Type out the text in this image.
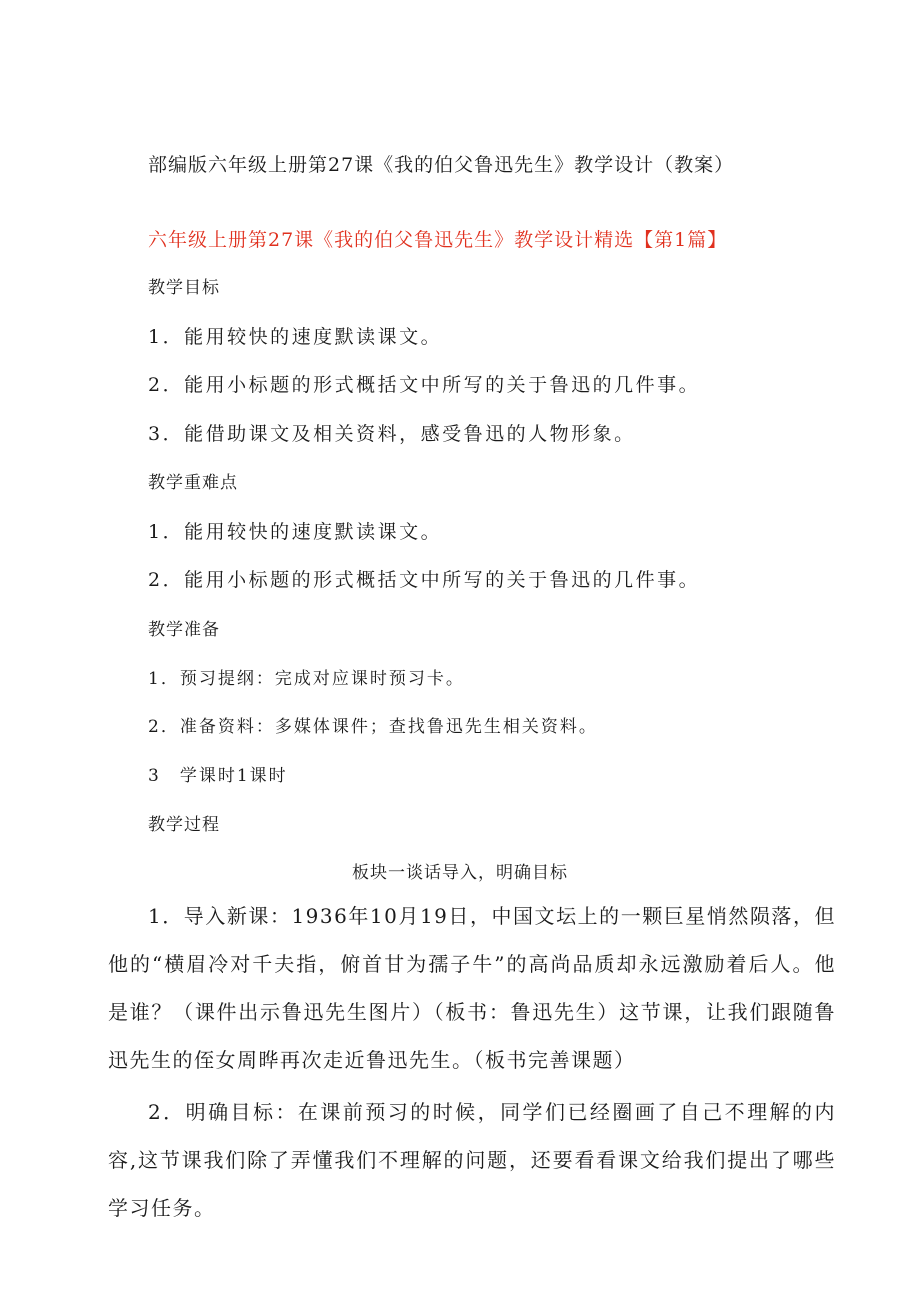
部编版六年级上册第27课《我的伯父鲁迅先生》教学设计（教案）
六年级上册第27课《我的伯父鲁迅先生》教学设计精选【第1篇】

教学目标

1．能用较快的速度默读课文。

2．能用小标题的形式概括文中所写的关于鲁迅的几件事。

3．能借助课文及相关资料，感受鲁迅的人物形象。

教学重难点

1．能用较快的速度默读课文。

2．能用小标题的形式概括文中所写的关于鲁迅的几件事。

教学准备

1．预习提纲：完成对应课时预习卡。

2．准备资料：多媒体课件；查找鲁迅先生相关资料。

3　学课时1课时

教学过程

板块一谈话导入，明确目标

1．导入新课：1936年10月19日，中国文坛上的一颗巨星悄然陨落，但他的“横眉冷对千夫指，俯首甘为孺子牛”的高尚品质却永远激励着后人。他是谁？（课件出示鲁迅先生图片）（板书：鲁迅先生）这节课，让我们跟随鲁迅先生的侄女周晔再次走近鲁迅先生。（板书完善课题）

2．明确目标：在课前预习的时候，同学们已经圈画了自己不理解的内容,这节课我们除了弄懂我们不理解的问题，还要看看课文给我们提出了哪些学习任务。
